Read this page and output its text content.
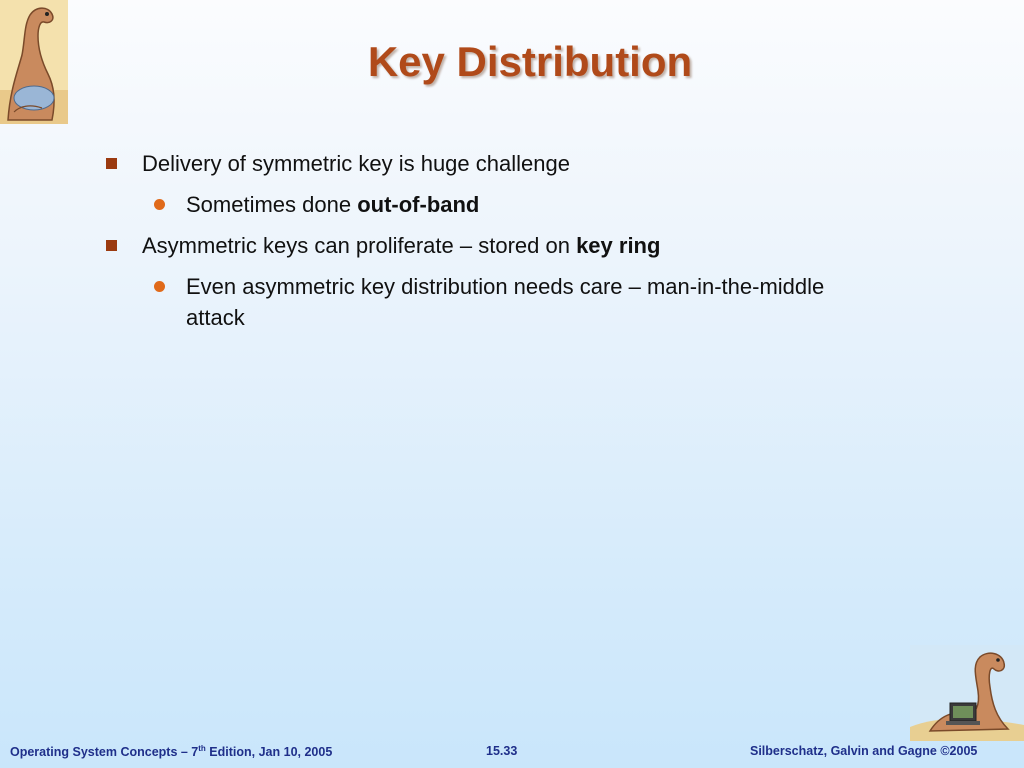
Key Distribution
Delivery of symmetric key is huge challenge
Sometimes done out-of-band
Asymmetric keys can proliferate – stored on key ring
Even asymmetric key distribution needs care – man-in-the-middle attack
Operating System Concepts – 7th Edition, Jan 10, 2005	15.33	Silberschatz, Galvin and Gagne ©2005
